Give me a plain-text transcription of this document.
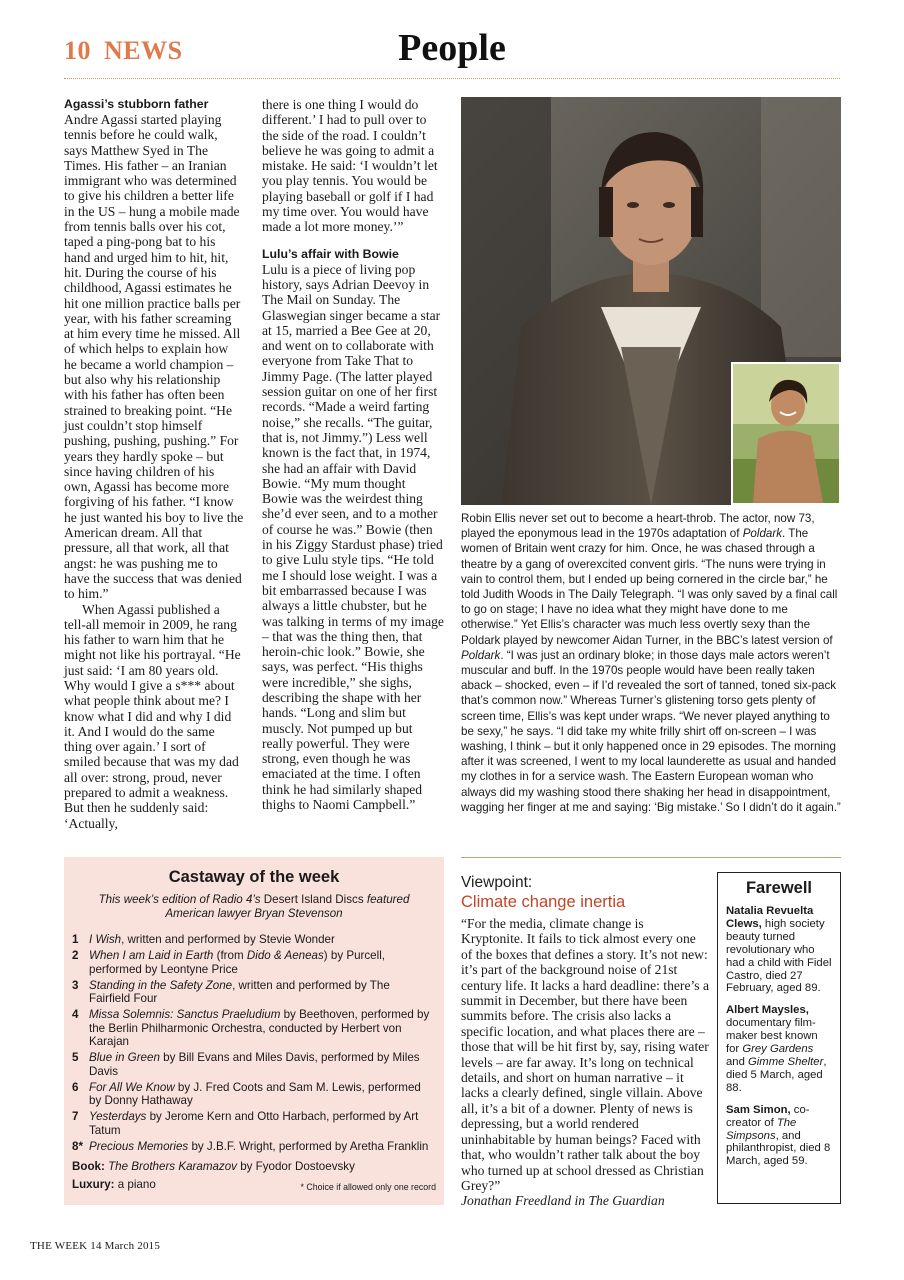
10 NEWS	People

Agassi’s stubborn father

Andre Agassi started playing tennis before he could walk, says Matthew Syed in The Times. His father – an Iranian immigrant who was determined to give his children a better life in the US – hung a mobile made from tennis balls over his cot, taped a ping-pong bat to his hand and urged him to hit, hit, hit. During the course of his childhood, Agassi estimates he hit one million practice balls per year, with his father screaming at him every time he missed. All of which helps to explain how he became a world champion – but also why his relationship with his father has often been strained to breaking point. “He just couldn’t stop himself pushing, pushing, pushing.” For years they hardly spoke – but since having children of his own, Agassi has become more forgiving of his father. “I know he just wanted his boy to live the American dream. All that pressure, all that work, all that angst: he was pushing me to have the success that was denied to him.”

When Agassi published a tell-all memoir in 2009, he rang his father to warn him that he might not like his portrayal. “He just said: ‘I am 80 years old. Why would I give a s*** about what people think about me? I know what I did and why I did it. And I would do the same thing over again.’ I sort of smiled because that was my dad all over: strong, proud, never prepared to admit a weakness. But then he suddenly said: ‘Actually,

there is one thing I would do different.’ I had to pull over to the side of the road. I couldn’t believe he was going to admit a mistake. He said: ‘I wouldn’t let you play tennis. You would be playing baseball or golf if I had my time over. You would have made a lot more money.’”

Lulu’s affair with Bowie

Lulu is a piece of living pop history, says Adrian Deevoy in The Mail on Sunday. The Glaswegian singer became a star at 15, married a Bee Gee at 20, and went on to collaborate with everyone from Take That to Jimmy Page. (The latter played session guitar on one of her first records. “Made a weird farting noise,” she recalls. “The guitar, that is, not Jimmy.”) Less well known is the fact that, in 1974, she had an affair with David Bowie. “My mum thought Bowie was the weirdest thing she’d ever seen, and to a mother of course he was.” Bowie (then in his Ziggy Stardust phase) tried to give Lulu style tips. “He told me I should lose weight. I was a bit embarrassed because I was always a little chubster, but he was talking in terms of my image – that was the thing then, that heroin-chic look.” Bowie, she says, was perfect. “His thighs were incredible,” she sighs, describing the shape with her hands. “Long and slim but muscly. Not pumped up but really powerful. They were strong, even though he was emaciated at the time. I often think he had similarly shaped thighs to Naomi Campbell.”

Robin Ellis never set out to become a heart-throb. The actor, now 73, played the eponymous lead in the 1970s adaptation of Poldark. The women of Britain went crazy for him. Once, he was chased through a theatre by a gang of overexcited convent girls. “The nuns were trying in vain to control them, but I ended up being cornered in the circle bar,” he told Judith Woods in The Daily Telegraph. “I was only saved by a final call to go on stage; I have no idea what they might have done to me otherwise.” Yet Ellis’s character was much less overtly sexy than the Poldark played by newcomer Aidan Turner, in the BBC’s latest version of Poldark. “I was just an ordinary bloke; in those days male actors weren’t muscular and buff. In the 1970s people would have been really taken aback – shocked, even – if I’d revealed the sort of tanned, toned six-pack that’s common now.” Whereas Turner’s glistening torso gets plenty of screen time, Ellis’s was kept under wraps. “We never played anything to be sexy,” he says. “I did take my white frilly shirt off on-screen – I was washing, I think – but it only happened once in 29 episodes. The morning after it was screened, I went to my local launderette as usual and handed my clothes in for a service wash. The Eastern European woman who always did my washing stood there shaking her head in disappointment, wagging her finger at me and saying: ‘Big mistake.’ So I didn’t do it again.”
Castaway of the week

This week’s edition of Radio 4’s Desert Island Discs featured American lawyer Bryan Stevenson

1 I Wish, written and performed by Stevie Wonder
2 When I am Laid in Earth (from Dido & Aeneas) by Purcell, performed by Leontyne Price
3 Standing in the Safety Zone, written and performed by The Fairfield Four
4 Missa Solemnis: Sanctus Praeludium by Beethoven, performed by the Berlin Philharmonic Orchestra, conducted by Herbert von Karajan
5 Blue in Green by Bill Evans and Miles Davis, performed by Miles Davis
6 For All We Know by J. Fred Coots and Sam M. Lewis, performed by Donny Hathaway
7 Yesterdays by Jerome Kern and Otto Harbach, performed by Art Tatum
8* Precious Memories by J.B.F. Wright, performed by Aretha Franklin

Book: The Brothers Karamazov by Fyodor Dostoevsky

Luxury: a piano	* Choice if allowed only one record
Viewpoint:
Climate change inertia

“For the media, climate change is Kryptonite. It fails to tick almost every one of the boxes that defines a story. It’s not new: it’s part of the background noise of 21st century life. It lacks a hard deadline: there’s a summit in December, but there have been summits before. The crisis also lacks a specific location, and what places there are – those that will be hit first by, say, rising water levels – are far away. It’s long on technical details, and short on human narrative – it lacks a clearly defined, single villain. Above all, it’s a bit of a downer. Plenty of news is depressing, but a world rendered uninhabitable by human beings? Faced with that, who wouldn’t rather talk about the boy who turned up at school dressed as Christian Grey?”

Jonathan Freedland in The Guardian

Farewell

Natalia Revuelta Clews, high society beauty turned revolutionary who had a child with Fidel Castro, died 27 February, aged 89.

Albert Maysles, documentary film-maker best known for Grey Gardens and Gimme Shelter, died 5 March, aged 88.

Sam Simon, co-creator of The Simpsons, and philanthropist, died 8 March, aged 59.

THE WEEK 14 March 2015
